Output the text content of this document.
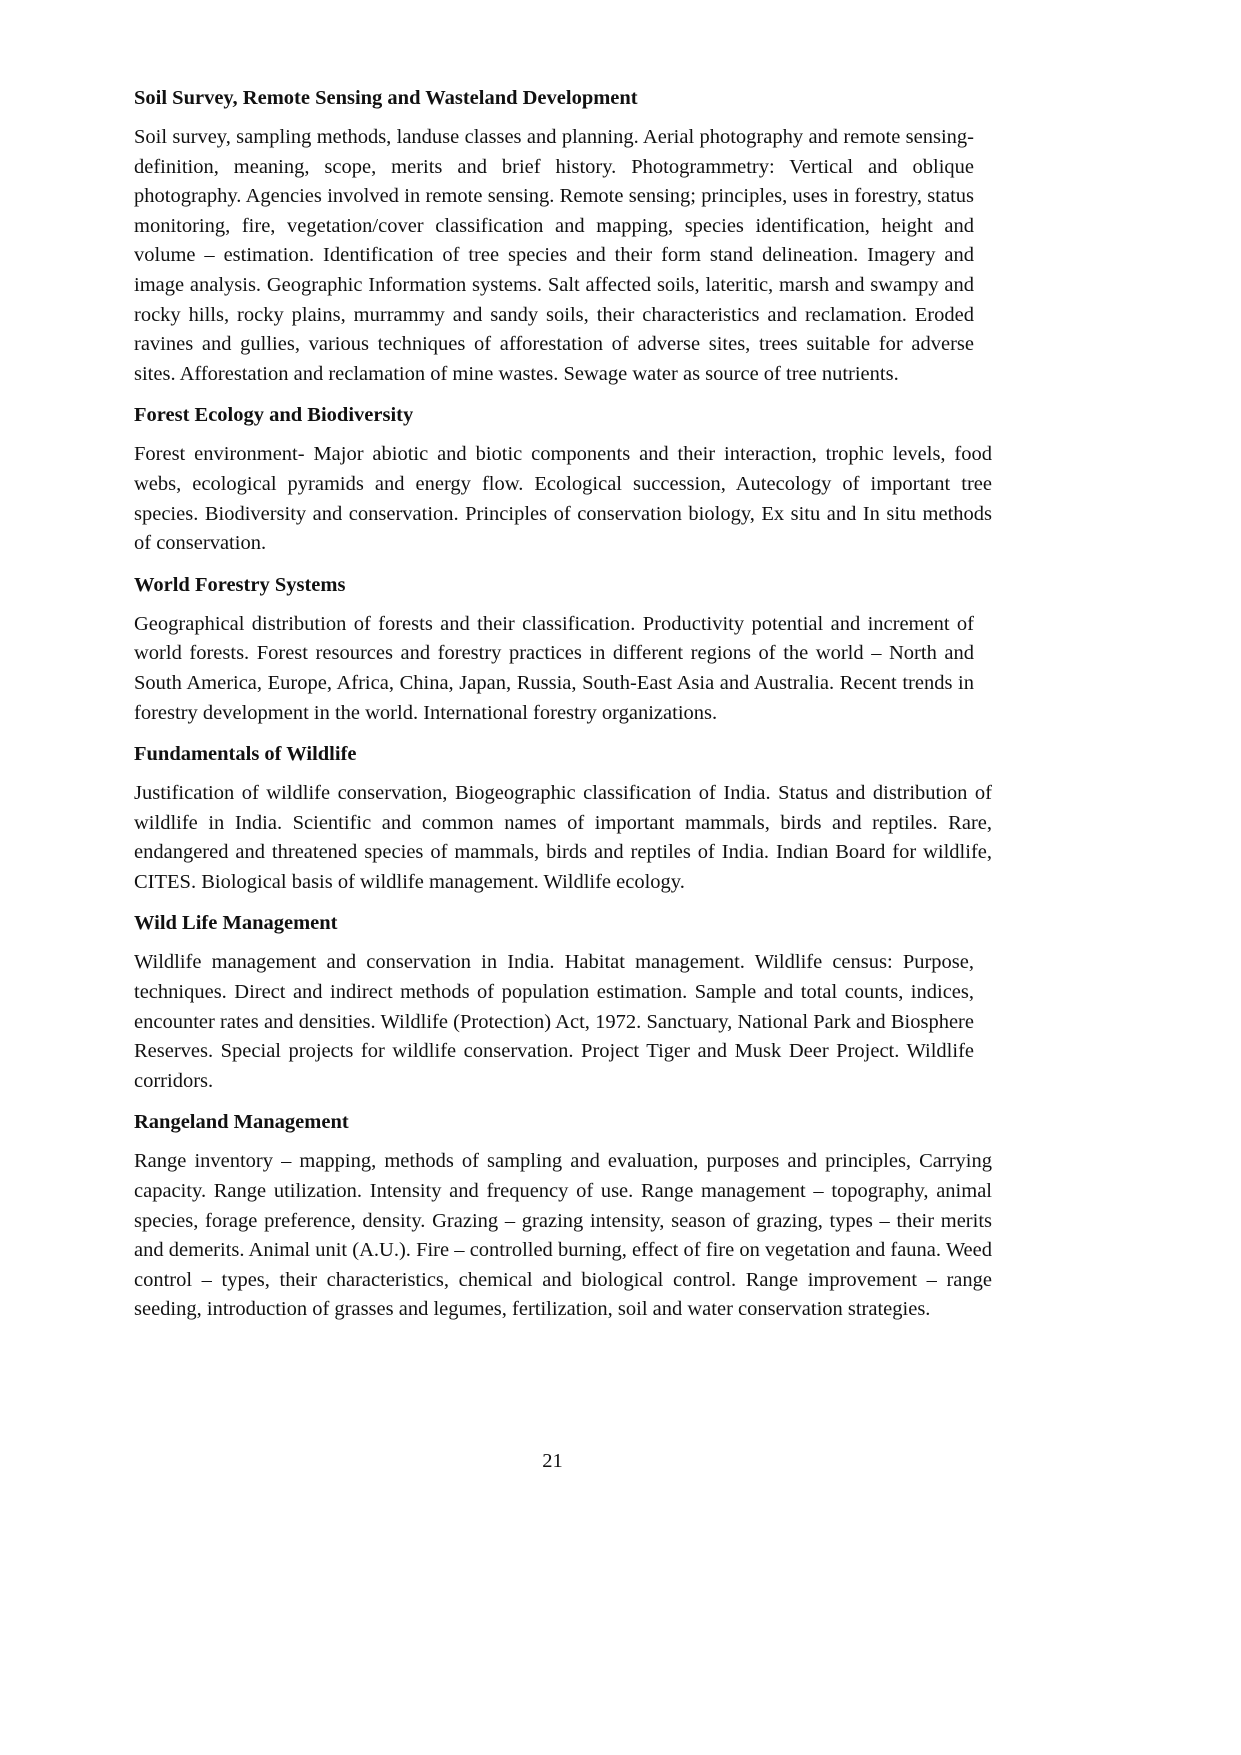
Soil Survey, Remote Sensing and Wasteland Development

Soil survey, sampling methods, landuse classes and planning. Aerial photography and remote sensing-definition, meaning, scope, merits and brief history. Photogrammetry: Vertical and oblique photography. Agencies involved in remote sensing. Remote sensing; principles, uses in forestry, status monitoring, fire, vegetation/cover classification and mapping, species identification, height and volume – estimation. Identification of tree species and their form stand delineation. Imagery and image analysis. Geographic Information systems. Salt affected soils, lateritic, marsh and swampy and rocky hills, rocky plains, murrammy and sandy soils, their characteristics and reclamation. Eroded ravines and gullies, various techniques of afforestation of adverse sites, trees suitable for adverse sites. Afforestation and reclamation of mine wastes. Sewage water as source of tree nutrients.

Forest Ecology and Biodiversity

Forest environment- Major abiotic and biotic components and their interaction, trophic levels, food webs, ecological pyramids and energy flow. Ecological succession, Autecology of important tree species. Biodiversity and conservation. Principles of conservation biology, Ex situ and In situ methods of conservation.

World Forestry Systems

Geographical distribution of forests and their classification. Productivity potential and increment of world forests. Forest resources and forestry practices in different regions of the world – North and South America, Europe, Africa, China, Japan, Russia, South-East Asia and Australia. Recent trends in forestry development in the world. International forestry organizations.

Fundamentals of Wildlife

Justification of wildlife conservation, Biogeographic classification of India. Status and distribution of wildlife in India. Scientific and common names of important mammals, birds and reptiles. Rare, endangered and threatened species of mammals, birds and reptiles of India. Indian Board for wildlife, CITES. Biological basis of wildlife management. Wildlife ecology.

Wild Life Management

Wildlife management and conservation in India. Habitat management. Wildlife census: Purpose, techniques. Direct and indirect methods of population estimation. Sample and total counts, indices, encounter rates and densities. Wildlife (Protection) Act, 1972. Sanctuary, National Park and Biosphere Reserves. Special projects for wildlife conservation. Project Tiger and Musk Deer Project. Wildlife corridors.

Rangeland Management

Range inventory – mapping, methods of sampling and evaluation, purposes and principles, Carrying capacity. Range utilization. Intensity and frequency of use. Range management – topography, animal species, forage preference, density. Grazing – grazing intensity, season of grazing, types – their merits and demerits. Animal unit (A.U.). Fire – controlled burning, effect of fire on vegetation and fauna. Weed control – types, their characteristics, chemical and biological control. Range improvement – range seeding, introduction of grasses and legumes, fertilization, soil and water conservation strategies.

21
